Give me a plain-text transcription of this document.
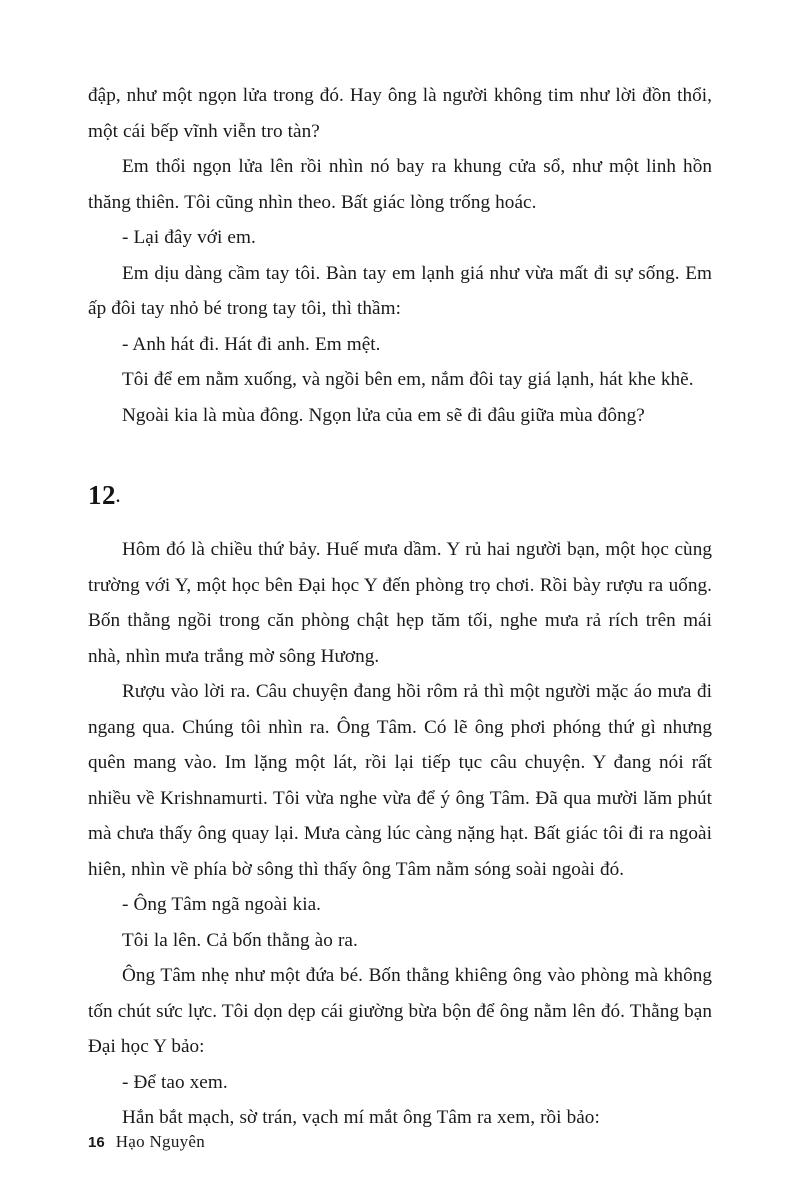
đập, như một ngọn lửa trong đó. Hay ông là người không tim như lời đồn thổi, một cái bếp vĩnh viễn tro tàn?

Em thổi ngọn lửa lên rồi nhìn nó bay ra khung cửa sổ, như một linh hồn thăng thiên. Tôi cũng nhìn theo. Bất giác lòng trống hoác.

- Lại đây với em.

Em dịu dàng cầm tay tôi. Bàn tay em lạnh giá như vừa mất đi sự sống. Em ấp đôi tay nhỏ bé trong tay tôi, thì thầm:

- Anh hát đi. Hát đi anh. Em mệt.

Tôi để em nằm xuống, và ngồi bên em, nắm đôi tay giá lạnh, hát khe khẽ.

Ngoài kia là mùa đông. Ngọn lửa của em sẽ đi đâu giữa mùa đông?

12.

Hôm đó là chiều thứ bảy. Huế mưa dầm. Y rủ hai người bạn, một học cùng trường với Y, một học bên Đại học Y đến phòng trọ chơi. Rồi bày rượu ra uống. Bốn thằng ngồi trong căn phòng chật hẹp tăm tối, nghe mưa rả rích trên mái nhà, nhìn mưa trắng mờ sông Hương.

Rượu vào lời ra. Câu chuyện đang hồi rôm rả thì một người mặc áo mưa đi ngang qua. Chúng tôi nhìn ra. Ông Tâm. Có lẽ ông phơi phóng thứ gì nhưng quên mang vào. Im lặng một lát, rồi lại tiếp tục câu chuyện. Y đang nói rất nhiều về Krishnamurti. Tôi vừa nghe vừa để ý ông Tâm. Đã qua mười lăm phút mà chưa thấy ông quay lại. Mưa càng lúc càng nặng hạt. Bất giác tôi đi ra ngoài hiên, nhìn về phía bờ sông thì thấy ông Tâm nằm sóng soài ngoài đó.

- Ông Tâm ngã ngoài kia.

Tôi la lên. Cả bốn thằng ào ra.

Ông Tâm nhẹ như một đứa bé. Bốn thằng khiêng ông vào phòng mà không tốn chút sức lực. Tôi dọn dẹp cái giường bừa bộn để ông nằm lên đó. Thằng bạn Đại học Y bảo:

- Để tao xem.

Hắn bắt mạch, sờ trán, vạch mí mắt ông Tâm ra xem, rồi bảo:

16 Hạo Nguyên
